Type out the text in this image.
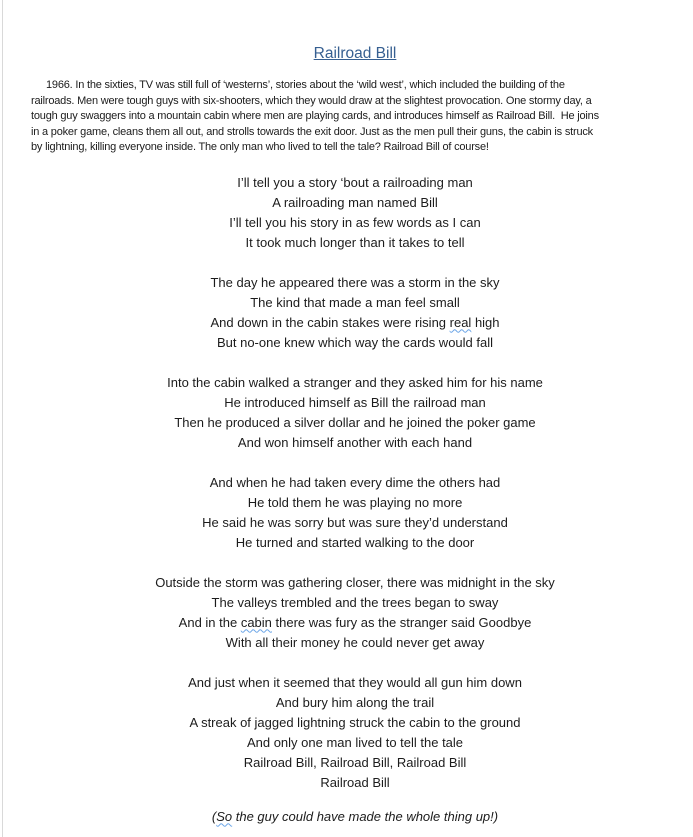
Railroad Bill
1966. In the sixties, TV was still full of ‘westerns’, stories about the ‘wild west’, which included the building of the
railroads. Men were tough guys with six-shooters, which they would draw at the slightest provocation. One stormy day, a
tough guy swaggers into a mountain cabin where men are playing cards, and introduces himself as Railroad Bill.  He joins
in a poker game, cleans them all out, and strolls towards the exit door. Just as the men pull their guns, the cabin is struck
by lightning, killing everyone inside. The only man who lived to tell the tale? Railroad Bill of course!
I’ll tell you a story ‘bout a railroading man
A railroading man named Bill
I’ll tell you his story in as few words as I can
It took much longer than it takes to tell
The day he appeared there was a storm in the sky
The kind that made a man feel small
And down in the cabin stakes were rising real high
But no-one knew which way the cards would fall
Into the cabin walked a stranger and they asked him for his name
He introduced himself as Bill the railroad man
Then he produced a silver dollar and he joined the poker game
And won himself another with each hand
And when he had taken every dime the others had
He told them he was playing no more
He said he was sorry but was sure they’d understand
He turned and started walking to the door
Outside the storm was gathering closer, there was midnight in the sky
The valleys trembled and the trees began to sway
And in the cabin there was fury as the stranger said Goodbye
With all their money he could never get away
And just when it seemed that they would all gun him down
And bury him along the trail
A streak of jagged lightning struck the cabin to the ground
And only one man lived to tell the tale
Railroad Bill, Railroad Bill, Railroad Bill
Railroad Bill
(So the guy could have made the whole thing up!)
